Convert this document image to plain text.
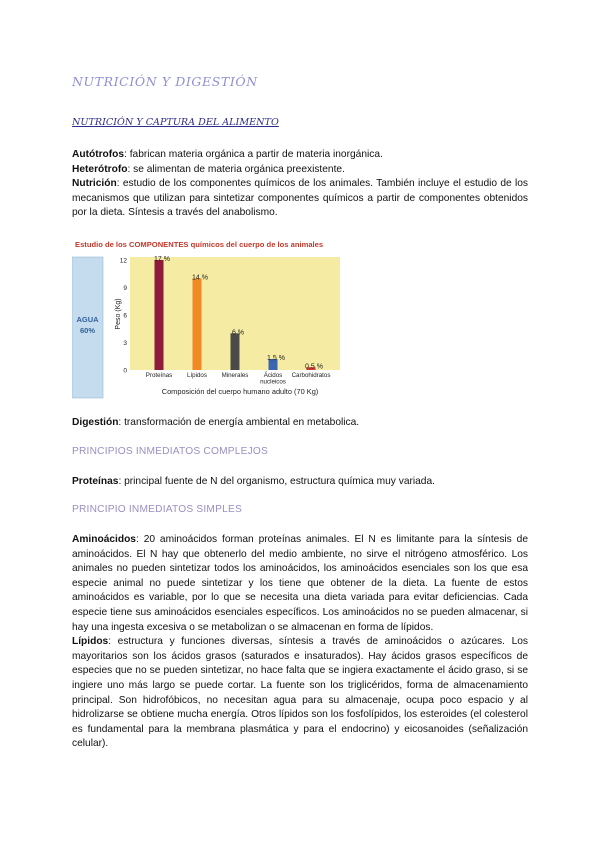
NUTRICIÓN Y DIGESTIÓN
NUTRICIÓN Y CAPTURA DEL ALIMENTO

Autótrofos: fabrican materia orgánica a partir de materia inorgánica.

Heterótrofo: se alimentan de materia orgánica preexistente.

Nutrición: estudio de los componentes químicos de los animales. También incluye el estudio de los mecanismos que utilizan para sintetizar componentes químicos a partir de componentes obtenidos por la dieta. Síntesis a través del anabolismo.

Estudio de los COMPONENTES químicos del cuerpo de los animales
AGUA
60%
0
3
6
9
12	17 %
14 %
6 %
1,5 %
0,5 %
Proteínas Lípidos Minerales Ácidos
nucleicos
Carbohidratos
Peso (Kg)
Composición del cuerpo humano adulto (70 Kg)

Digestión: transformación de energía ambiental en metabolica.

PRINCIPIOS INMEDIATOS COMPLEJOS

Proteínas: principal fuente de N del organismo, estructura química muy variada.

PRINCIPIO INMEDIATOS SIMPLES

Aminoácidos: 20 aminoácidos forman proteínas animales. El N es limitante para la síntesis de aminoácidos. El N hay que obtenerlo del medio ambiente, no sirve el nitrógeno atmosférico. Los animales no pueden sintetizar todos los aminoácidos, los aminoácidos esenciales son los que esa especie animal no puede sintetizar y los tiene que obtener de la dieta. La fuente de estos aminoácidos es variable, por lo que se necesita una dieta variada para evitar deficiencias. Cada especie tiene sus aminoácidos esenciales específicos. Los aminoácidos no se pueden almacenar, si hay una ingesta excesiva o se metabolizan o se almacenan en forma de lípidos.

Lípidos: estructura y funciones diversas, síntesis a través de aminoácidos o azúcares. Los mayoritarios son los ácidos grasos (saturados e insaturados). Hay ácidos grasos específicos de especies que no se pueden sintetizar, no hace falta que se ingiera exactamente el ácido graso, si se ingiere uno más largo se puede cortar. La fuente son los triglicéridos, forma de almacenamiento principal. Son hidrofóbicos, no necesitan agua para su almacenaje, ocupa poco espacio y al hidrolizarse se obtiene mucha energía. Otros lípidos son los fosfolípidos, los esteroides (el colesterol es fundamental para la membrana plasmática y para el endocrino) y eicosanoides (señalización celular).
